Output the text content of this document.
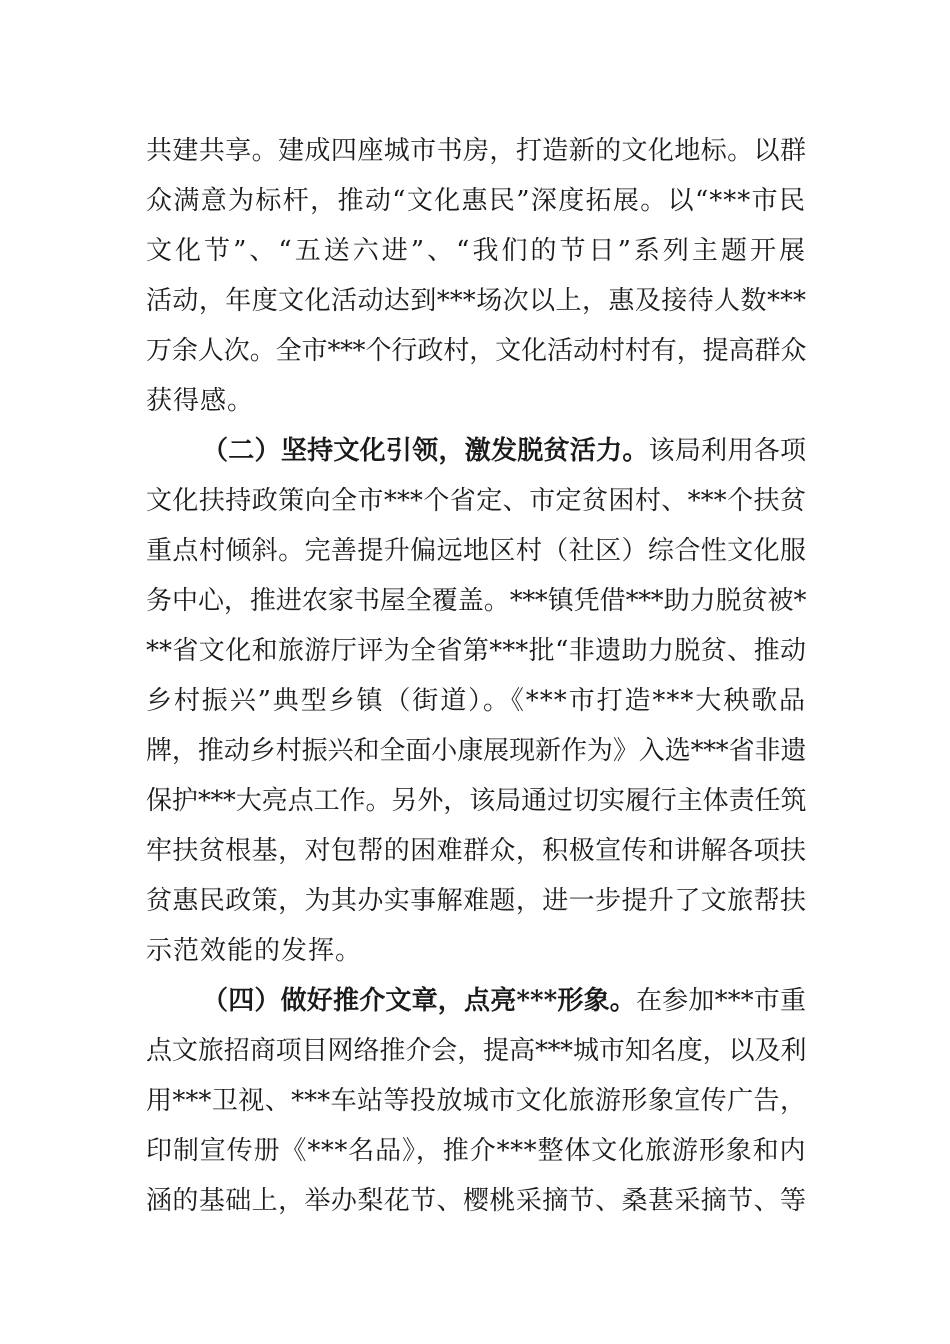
共建共享。建成四座城市书房，打造新的文化地标。以群
众满意为标杆，推动“文化惠民”深度拓展。以“***市民
文化节”、“五送六进”、“我们的节日”系列主题开展
活动，年度文化活动达到***场次以上，惠及接待人数***
万余人次。全市***个行政村，文化活动村村有，提高群众
获得感。
（二）坚持文化引领，激发脱贫活力。该局利用各项
文化扶持政策向全市***个省定、市定贫困村、***个扶贫
重点村倾斜。完善提升偏远地区村（社区）综合性文化服
务中心，推进农家书屋全覆盖。***镇凭借***助力脱贫被*
**省文化和旅游厅评为全省第***批“非遗助力脱贫、推动
乡村振兴”典型乡镇（街道）。《***市打造***大秧歌品
牌，推动乡村振兴和全面小康展现新作为》入选***省非遗
保护***大亮点工作。另外，该局通过切实履行主体责任筑
牢扶贫根基，对包帮的困难群众，积极宣传和讲解各项扶
贫惠民政策，为其办实事解难题，进一步提升了文旅帮扶
示范效能的发挥。
（四）做好推介文章，点亮***形象。在参加***市重
点文旅招商项目网络推介会，提高***城市知名度，以及利
用***卫视、***车站等投放城市文化旅游形象宣传广告，
印制宣传册《***名品》，推介***整体文化旅游形象和内
涵的基础上，举办梨花节、樱桃采摘节、桑葚采摘节、等
